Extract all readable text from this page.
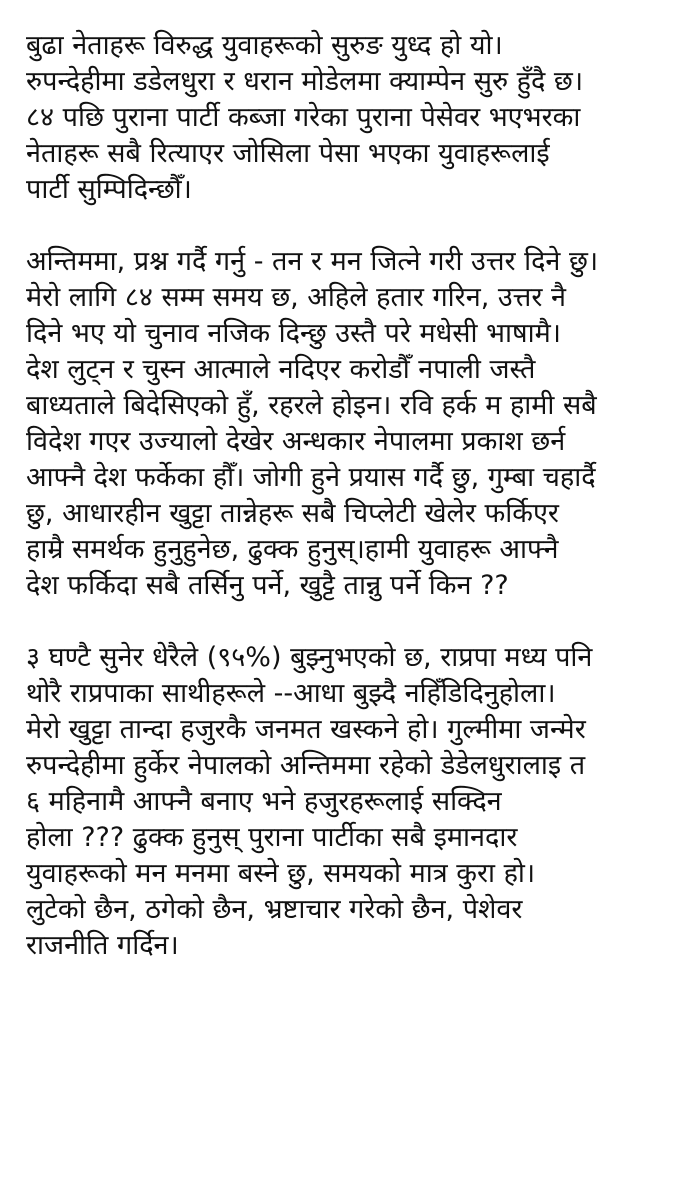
बुढा नेताहरू विरुद्ध युवाहरूको सुरुङ युध्द हो यो।
रुपन्देहीमा डडेलधुरा र धरान मोडेलमा क्याम्पेन सुरु हुँदै छ।
८४ पछि पुराना पार्टी कब्जा गरेका पुराना पेसेवर भएभरका
नेताहरू सबै रित्याएर जोसिला पेसा भएका युवाहरूलाई
पार्टी सुम्पिदिन्छौँ।
अन्तिममा, प्रश्न गर्दै गर्नु - तन र मन जित्ने गरी उत्तर दिने छु।
मेरो लागि ८४ सम्म समय छ, अहिले हतार गरिन, उत्तर नै
दिने भए यो चुनाव नजिक दिन्छु उस्तै परे मधेसी भाषामै।
देश लुट्न र चुस्न आत्माले नदिएर करोडौँ नपाली जस्तै
बाध्यताले बिदेसिएको हुँ, रहरले होइन। रवि हर्क म हामी सबै
विदेश गएर उज्यालो देखेर अन्धकार नेपालमा प्रकाश छर्न
आफ्नै देश फर्केका हौँ। जोगी हुने प्रयास गर्दै छु, गुम्बा चहार्दै
छु, आधारहीन खुट्टा तान्नेहरू सबै चिप्लेटी खेलेर फर्किएर
हाम्रै समर्थक हुनुहुनेछ, ढुक्क हुनुस्।हामी युवाहरू आफ्नै
देश फर्किदा सबै तर्सिनु पर्ने, खुट्टै तान्नु पर्ने किन ??
३ घण्टै सुनेर धेरैले (९५%) बुझ्नुभएको छ, राप्रपा मध्य पनि
थोरै राप्रपाका साथीहरूले --आधा बुझ्दै नहिँडिदिनुहोला।
मेरो खुट्टा तान्दा हजुरकै जनमत खस्कने हो। गुल्मीमा जन्मेर
रुपन्देहीमा हुर्केर नेपालको अन्तिममा रहेको डेडेलधुरालाइ त
६ महिनामै आफ्नै बनाए भने हजुरहरूलाई सक्दिन
होला ??? ढुक्क हुनुस् पुराना पार्टीका सबै इमानदार
युवाहरूको मन मनमा बस्ने छु, समयको मात्र कुरा हो।
लुटेको छैन, ठगेको छैन, भ्रष्टाचार गरेको छैन, पेशेवर
राजनीति गर्दिन।
